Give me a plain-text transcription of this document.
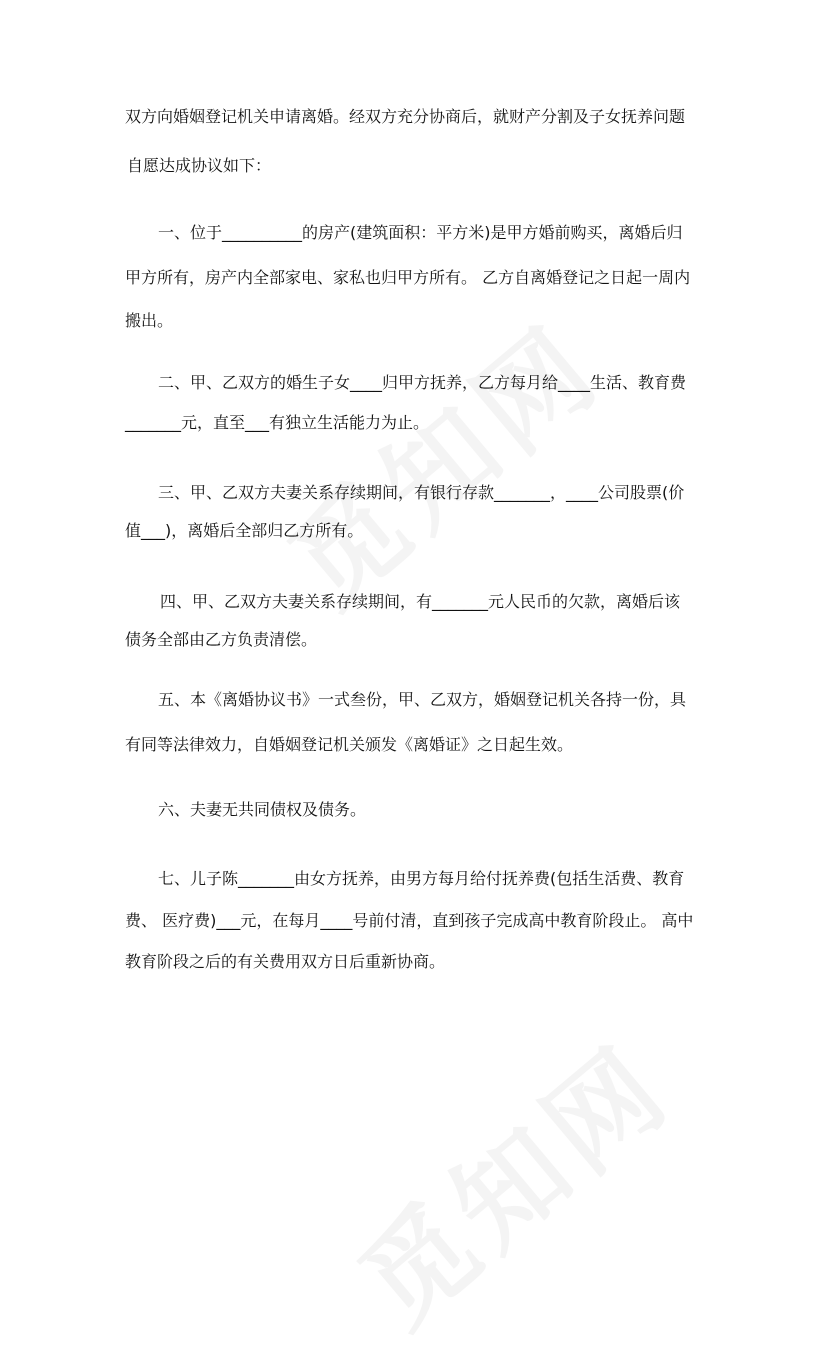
双方向婚姻登记机关申请离婚。经双方充分协商后，就财产分割及子女抚养问题
自愿达成协议如下：
一、位于__________的房产(建筑面积：平方米)是甲方婚前购买，离婚后归
甲方所有，房产内全部家电、家私也归甲方所有。 乙方自离婚登记之日起一周内
搬出。
二、甲、乙双方的婚生子女____归甲方抚养，乙方每月给____生活、教育费
_______元，直至___有独立生活能力为止。
三、甲、乙双方夫妻关系存续期间，有银行存款_______，____公司股票(价
值___)，离婚后全部归乙方所有。
四、甲、乙双方夫妻关系存续期间，有_______元人民币的欠款，离婚后该
债务全部由乙方负责清偿。
五、本《离婚协议书》一式叁份，甲、乙双方，婚姻登记机关各持一份，具
有同等法律效力，自婚姻登记机关颁发《离婚证》之日起生效。
六、夫妻无共同债权及债务。
七、儿子陈_______由女方抚养，由男方每月给付抚养费(包括生活费、教育
费、 医疗费)___元，在每月____号前付清，直到孩子完成高中教育阶段止。 高中
教育阶段之后的有关费用双方日后重新协商。
